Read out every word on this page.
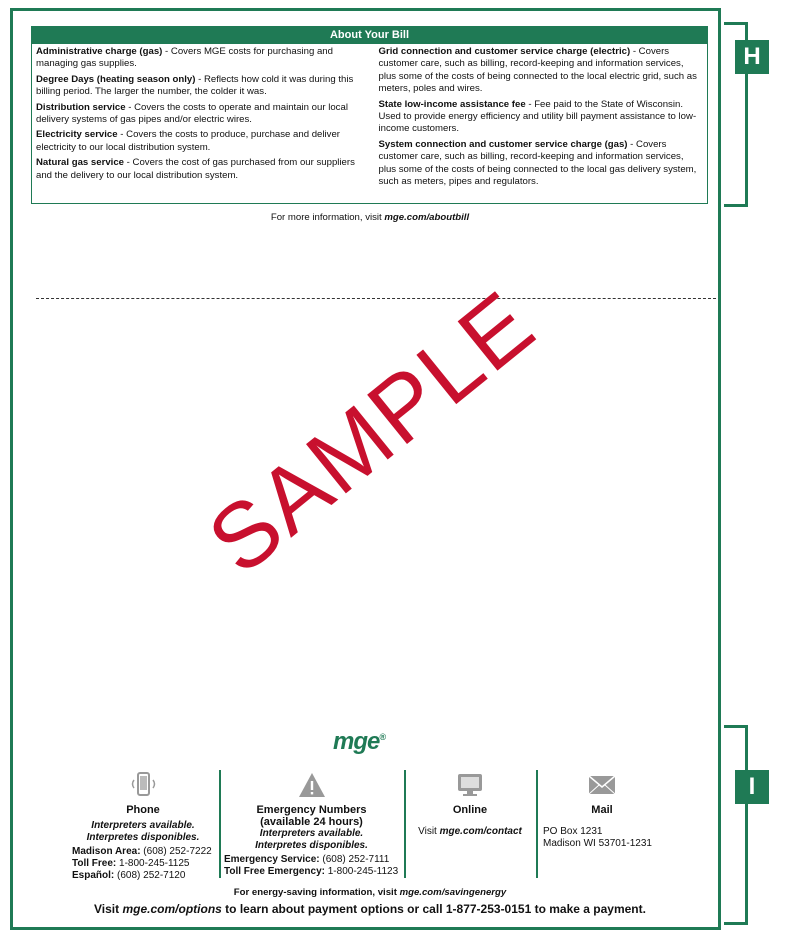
H
I
About Your Bill
Administrative charge (gas) - Covers MGE costs for purchasing and managing gas supplies.
Degree Days (heating season only) - Reflects how cold it was during this billing period. The larger the number, the colder it was.
Distribution service - Covers the costs to operate and maintain our local delivery systems of gas pipes and/or electric wires.
Electricity service - Covers the costs to produce, purchase and deliver electricity to our local distribution system.
Natural gas service - Covers the cost of gas purchased from our suppliers and the delivery to our local distribution system.
Grid connection and customer service charge (electric) - Covers customer care, such as billing, record-keeping and information services, plus some of the costs of being connected to the local electric grid, such as meters, poles and wires.
State low-income assistance fee - Fee paid to the State of Wisconsin. Used to provide energy efficiency and utility bill payment assistance to low-income customers.
System connection and customer service charge (gas) - Covers customer care, such as billing, record-keeping and information services, plus some of the costs of being connected to the local gas delivery system, such as meters, pipes and regulators.
For more information, visit mge.com/aboutbill
SAMPLE
mge®
Phone
Interpreters available.
Interpretes disponibles.
Madison Area: (608) 252-7222
Toll Free: 1-800-245-1125
Español: (608) 252-7120
Emergency Numbers
(available 24 hours)
Interpreters available.
Interpretes disponibles.
Emergency Service: (608) 252-7111
Toll Free Emergency: 1-800-245-1123
Online
Visit mge.com/contact
Mail
PO Box 1231
Madison WI 53701-1231
For energy-saving information, visit mge.com/savingenergy
Visit mge.com/options to learn about payment options or call 1-877-253-0151 to make a payment.
